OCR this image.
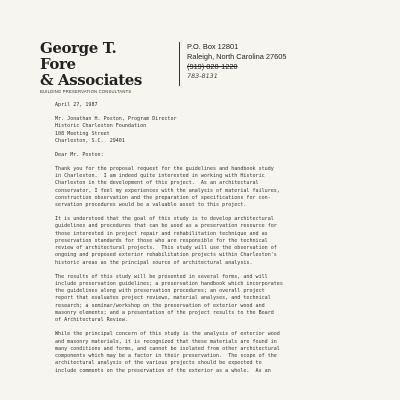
George T. Fore
& Associates
BUILDING PRESERVATION CONSULTANTS
P.O. Box 12801
Raleigh, North Carolina 27605
(919) 828-1220
783-8131
April 27, 1987
Mr. Jonathan H. Poston, Program Director
Historic Charleston Foundation
108 Meeting Street
Charleston, S.C.  29401
Dear Mr. Poston:
Thank you for the proposal request for the guidelines and handbook study
in Charleston.  I am indeed quite interested in working with Historic
Charleston in the development of this project.  As an architectural
conservator, I feel my experiences with the analysis of material failures,
construction observation and the preparation of specifications for con-
servation procedures would be a valuable asset to this project.
It is understood that the goal of this study is to develop architectural
guidelines and procedures that can be used as a preservation resource for
those interested in project repair and rehabilitation technique and as
preservation standards for those who are responsible for the technical
review of architectural projects.  This study will use the observation of
ongoing and proposed exterior rehabilitation projects within Charleston's
historic areas as the principal source of architectural analysis.
The results of this study will be presented in several forms, and will
include preservation guidelines; a preservation handbook which incorporates
the guidelines along with preservation procedures; an overall project
report that evaluates project reviews, material analyses, and technical
research; a seminar/workshop on the preservation of exterior wood and
masonry elements; and a presentation of the project results to the Board
of Architectural Review.
While the principal concern of this study is the analysis of exterior wood
and masonry materials, it is recognized that these materials are found in
many conditions and forms, and cannot be isolated from other architectural
components which may be a factor in their preservation.  The scope of the
architectural analysis of the various projects should be expected to
include comments on the preservation of the exterior as a whole.  As an
